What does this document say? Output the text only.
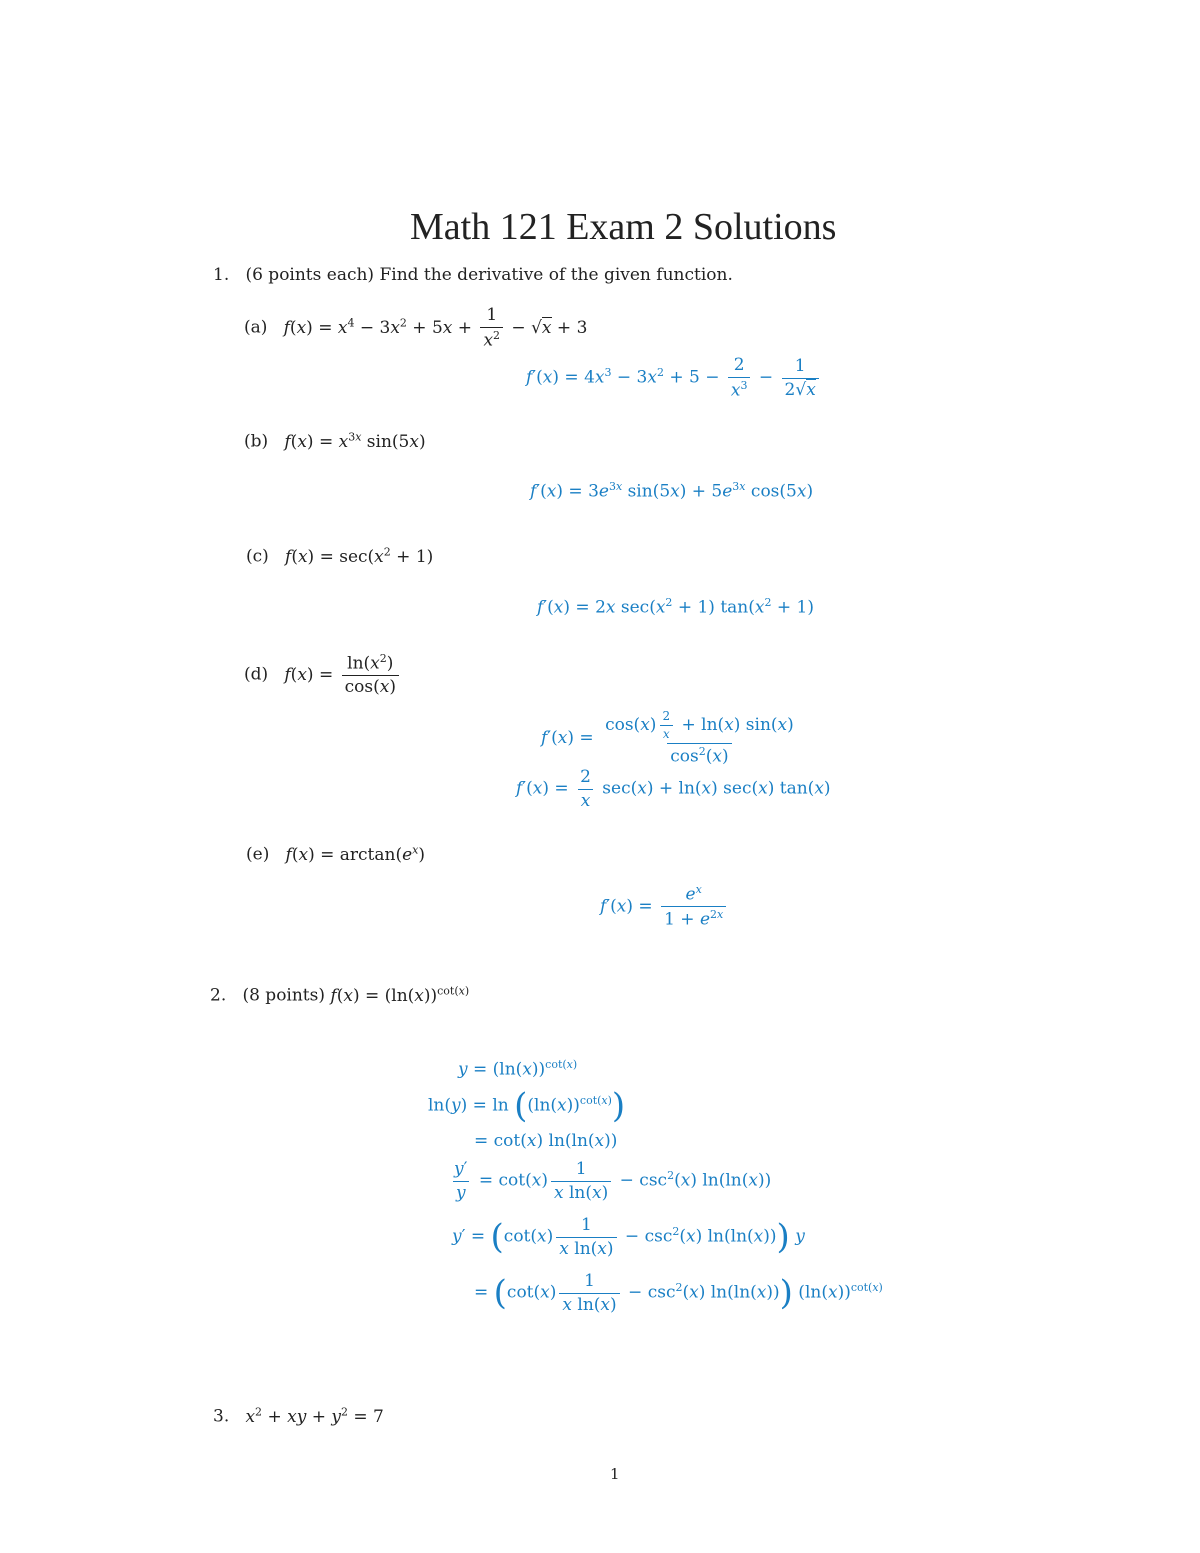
Math 121 Exam 2 Solutions
1. (6 points each) Find the derivative of the given function.
(a) $f(x) = x^4 - 3x^2 + 5x + \frac{1}{x^2} - √x + 3$
$f'(x) = 4x^3 - 3x^2 + 5 - \frac{2}{x^3} - \frac{1}{2√x}$
(b) $f(x) = x^{3x}$ sin(5x)
$f'(x) = 3e^{3x}$ $\sin(5x) + 5e^{3x}$ cos(5x)
(c) $f(x) = \sec(x^2 + 1)$
f′(x) = 2x $\sec(x^2 + 1) \tan(x^2 + 1)$
(d) $f(x) = \frac{\ln(x^2)}{\cos(x)}$
$f'(x) = \frac{\cos(x) \frac{2}{x} + \ln(x) \sin(x)}{\cos^2(x)}$
$f'(x) = \frac{2}{x} \sec(x) + \ln(x)$ sec(x) tan(x)
(e) $f(x) = \arctan(e^x)$
$f'(x) = \frac{e^x}{1 + e^{2x}}$
2. (8 points) $f(x) = (\ln(x))^{cot(x)}$
$y = (\ln(x))^{cot(x)}$
$\ln(y) = \ln ((\ln(x))^{cot(x)})$
= cot(x) ln(ln(x))
$\frac{y'}{y} = \cot(x) \frac{1}{\text{x ln(x)}} - \csc^2(x)$ ln(ln(x))
$y' = (\cot(x) \frac{1}{\text{x ln(x)}} - \csc^2(x)$ ln(ln(x))) y
= ($\cot(x) \frac{1}{\text{x ln(x)}} - \csc^2(x)$ ln(ln(x))) $(\ln(x))^{cot(x)}$
3. $x^2$ + xy + $y^2 = 7$
1
